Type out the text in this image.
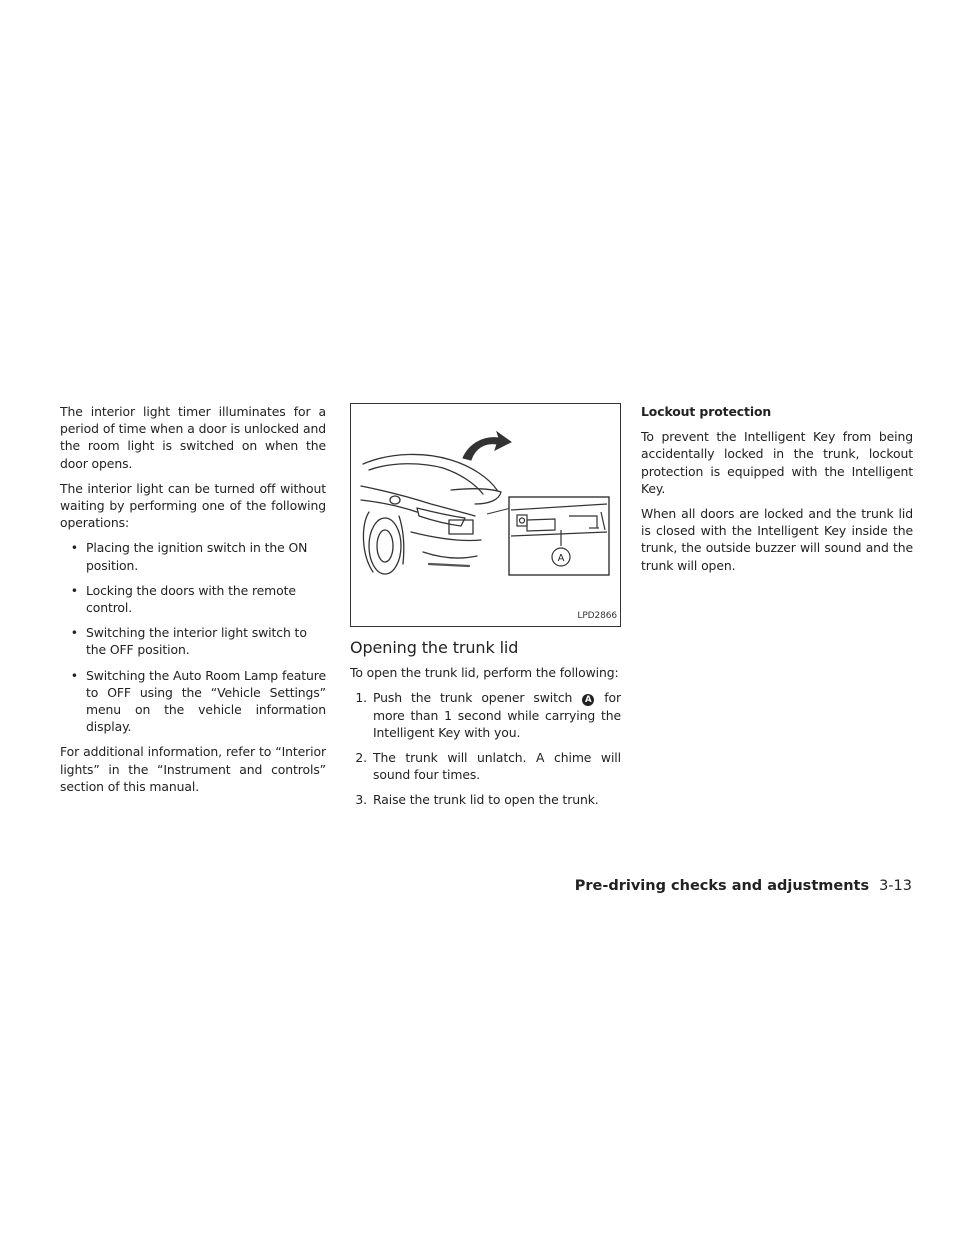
The interior light timer illuminates for a period of time when a door is unlocked and the room light is switched on when the door opens.

The interior light can be turned off without waiting by performing one of the following operations:

• Placing the ignition switch in the ON position.
• Locking the doors with the remote control.
• Switching the interior light switch to the OFF position.
• Switching the Auto Room Lamp feature to OFF using the “Vehicle Settings” menu on the vehicle information display.

For additional information, refer to “Interior lights” in the “Instrument and controls” section of this manual.

A
LPD2866
Opening the trunk lid

To open the trunk lid, perform the following:

1. Push the trunk opener switch A for more than 1 second while carrying the Intelligent Key with you.
2. The trunk will unlatch. A chime will sound four times.
3. Raise the trunk lid to open the trunk.

Lockout protection

To prevent the Intelligent Key from being accidentally locked in the trunk, lockout protection is equipped with the Intelligent Key.

When all doors are locked and the trunk lid is closed with the Intelligent Key inside the trunk, the outside buzzer will sound and the trunk will open.

Pre-driving checks and adjustments 3-13
